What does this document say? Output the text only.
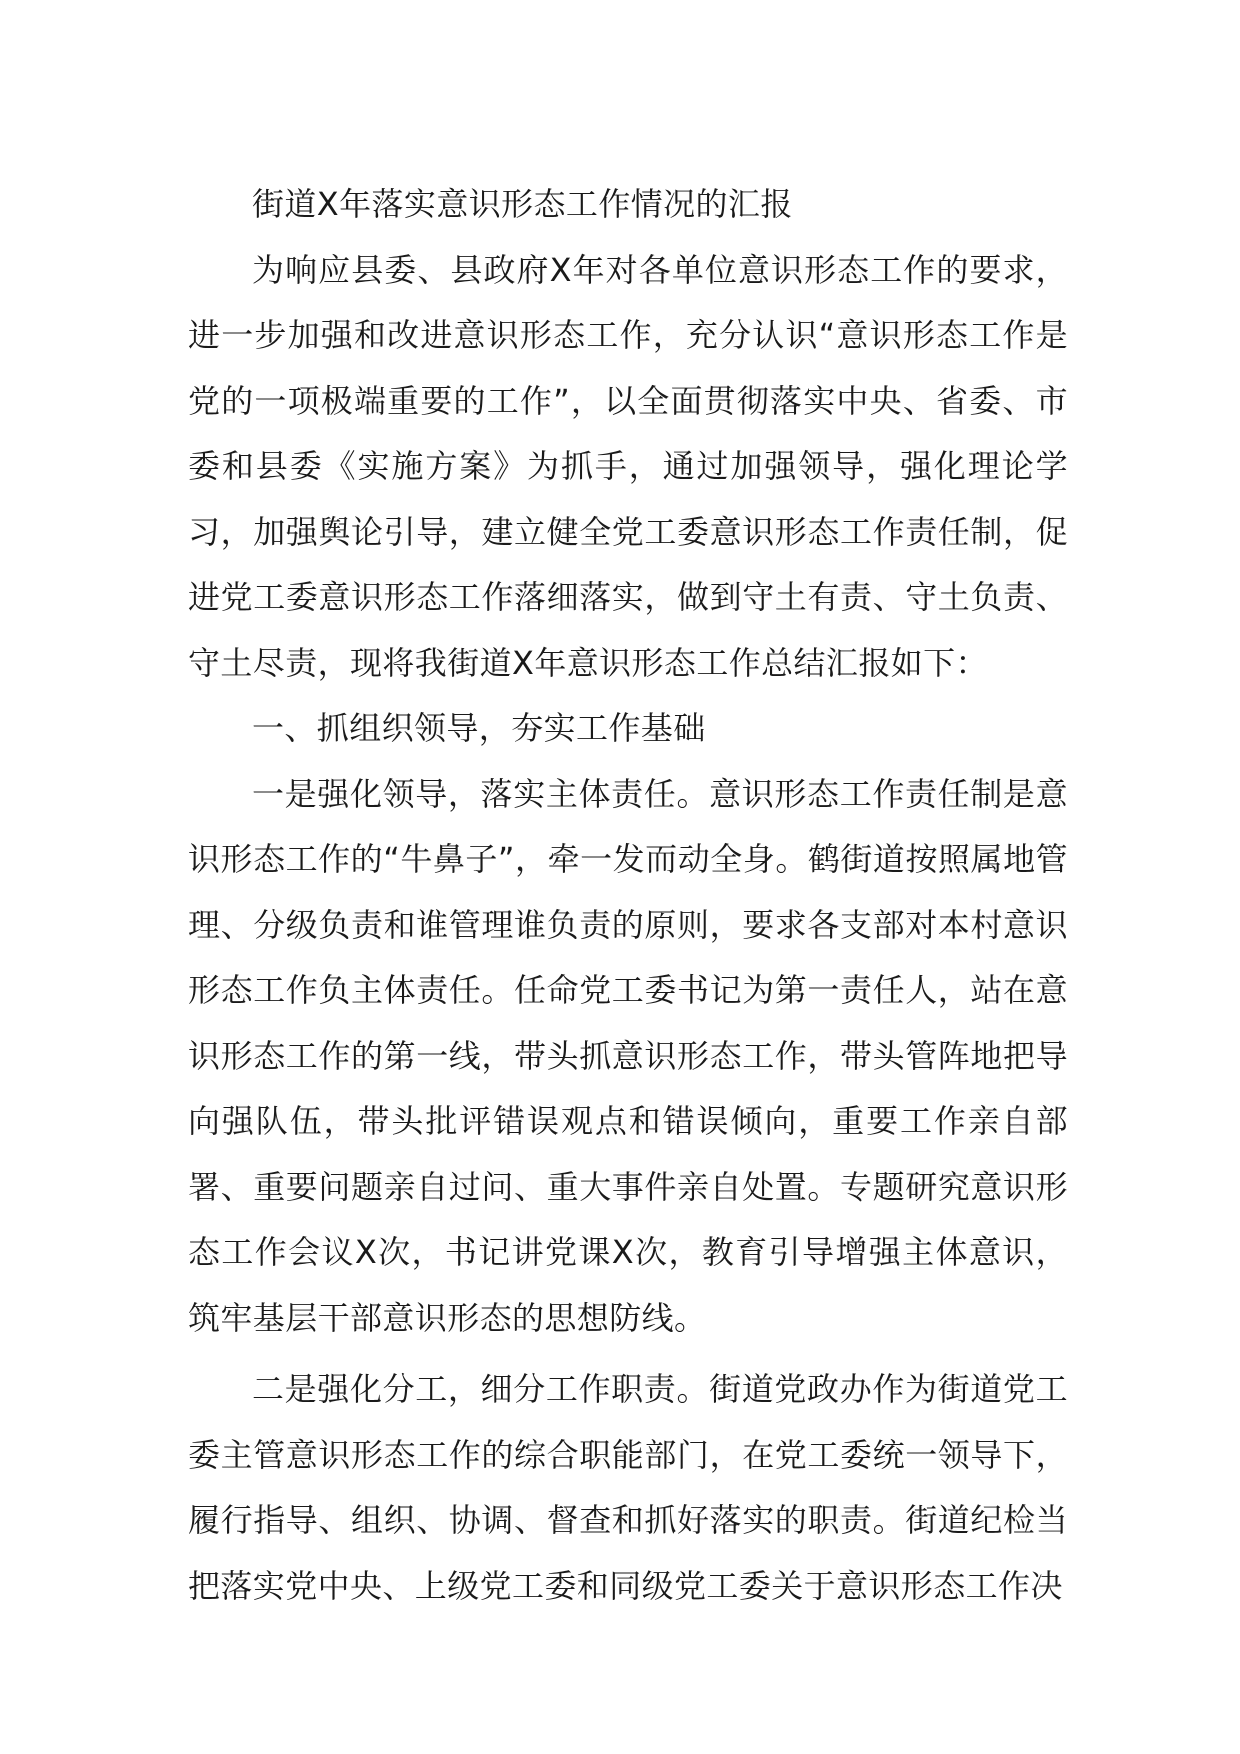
街道X年落实意识形态工作情况的汇报

为响应县委、县政府X年对各单位意识形态工作的要求，进一步加强和改进意识形态工作，充分认识“意识形态工作是党的一项极端重要的工作”，以全面贯彻落实中央、省委、市委和县委《实施方案》为抓手，通过加强领导，强化理论学习，加强舆论引导，建立健全党工委意识形态工作责任制，促进党工委意识形态工作落细落实，做到守土有责、守土负责、守土尽责，现将我街道X年意识形态工作总结汇报如下：

一、抓组织领导，夯实工作基础

一是强化领导，落实主体责任。意识形态工作责任制是意识形态工作的“牛鼻子”，牵一发而动全身。鹤街道按照属地管理、分级负责和谁管理谁负责的原则，要求各支部对本村意识形态工作负主体责任。任命党工委书记为第一责任人，站在意识形态工作的第一线，带头抓意识形态工作，带头管阵地把导向强队伍，带头批评错误观点和错误倾向，重要工作亲自部署、重要问题亲自过问、重大事件亲自处置。专题研究意识形态工作会议X次，书记讲党课X次，教育引导增强主体意识，筑牢基层干部意识形态的思想防线。

二是强化分工，细分工作职责。街道党政办作为街道党工委主管意识形态工作的综合职能部门，在党工委统一领导下，履行指导、组织、协调、督查和抓好落实的职责。街道纪检当把落实党中央、上级党工委和同级党工委关于意识形态工作决
